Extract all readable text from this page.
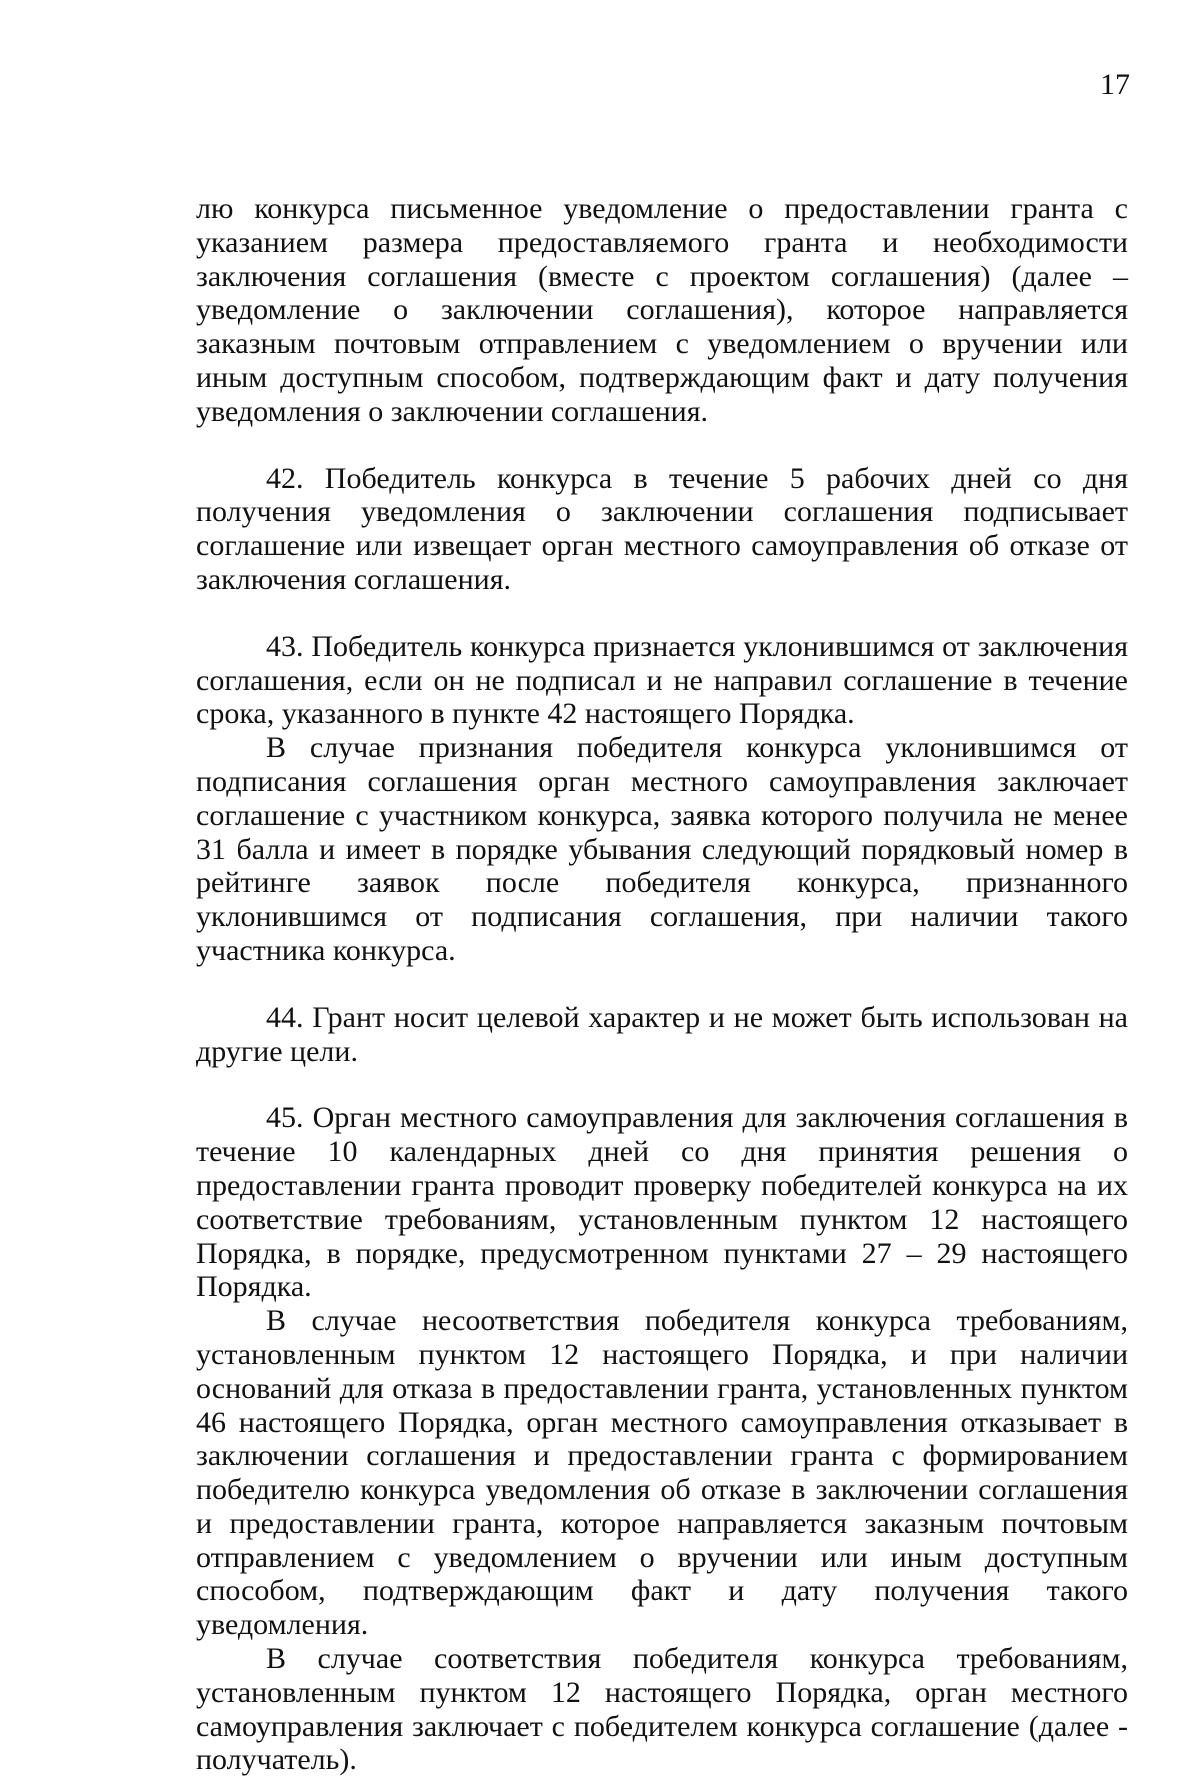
17

лю конкурса письменное уведомление о предоставлении гранта с указанием размера предоставляемого гранта и необходимости заключения соглашения (вместе с проектом соглашения) (далее – уведомление о заключении соглашения), которое направляется заказным почтовым отправлением с уведомлением о вручении или иным доступным способом, подтверждающим факт и дату получения уведомления о заключении соглашения.

42. Победитель конкурса в течение 5 рабочих дней со дня получения уведомления о заключении соглашения подписывает соглашение или извещает орган местного самоуправления об отказе от заключения соглашения.

43. Победитель конкурса признается уклонившимся от заключения соглашения, если он не подписал и не направил соглашение в течение срока, указанного в пункте 42 настоящего Порядка.

В случае признания победителя конкурса уклонившимся от подписания соглашения орган местного самоуправления заключает соглашение с участником конкурса, заявка которого получила не менее 31 балла и имеет в порядке убывания следующий порядковый номер в рейтинге заявок после победителя конкурса, признанного уклонившимся от подписания соглашения, при наличии такого участника конкурса.

44. Грант носит целевой характер и не может быть использован на другие цели.

45. Орган местного самоуправления для заключения соглашения в течение 10 календарных дней со дня принятия решения о предоставлении гранта проводит проверку победителей конкурса на их соответствие требованиям, установленным пунктом 12 настоящего Порядка, в порядке, предусмотренном пунктами 27 – 29 настоящего Порядка.

В случае несоответствия победителя конкурса требованиям, установленным пунктом 12 настоящего Порядка, и при наличии оснований для отказа в предоставлении гранта, установленных пунктом 46 настоящего Порядка, орган местного самоуправления отказывает в заключении соглашения и предоставлении гранта с формированием победителю конкурса уведомления об отказе в заключении соглашения и предоставлении гранта, которое направляется заказным почтовым отправлением с уведомлением о вручении или иным доступным способом, подтверждающим факт и дату получения такого уведомления.

В случае соответствия победителя конкурса требованиям, установленным пунктом 12 настоящего Порядка, орган местного самоуправления заключает с победителем конкурса соглашение (далее - получатель).
